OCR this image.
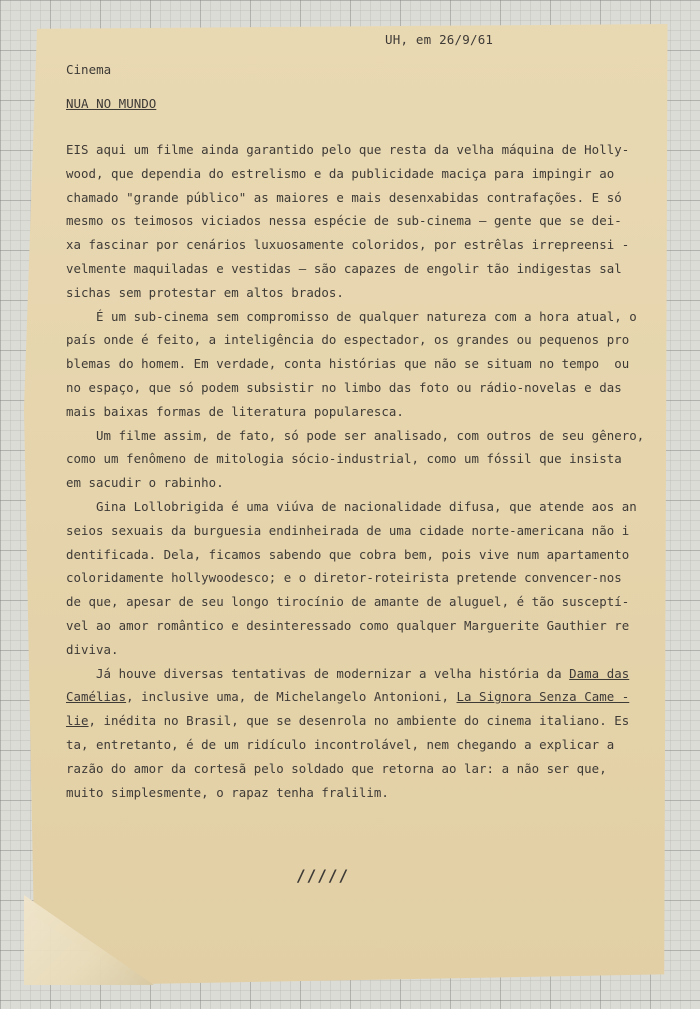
UH, em 26/9/61
Cinema
NUA NO MUNDO
EIS aqui um filme ainda garantido pelo que resta da velha máquina de Holly-
wood, que dependia do estrelismo e da publicidade maciça para impingir ao
chamado "grande público" as maiores e mais desenxabidas contrafações. E só
mesmo os teimosos viciados nessa espécie de sub-cinema — gente que se dei-
xa fascinar por cenários luxuosamente coloridos, por estrêlas irrepreensi -
velmente maquiladas e vestidas — são capazes de engolir tão indigestas sal
sichas sem protestar em altos brados.
É um sub-cinema sem compromisso de qualquer natureza com a hora atual, o
país onde é feito, a inteligência do espectador, os grandes ou pequenos pro
blemas do homem. Em verdade, conta histórias que não se situam no tempo  ou
no espaço, que só podem subsistir no limbo das foto ou rádio-novelas e das
mais baixas formas de literatura popularesca.
Um filme assim, de fato, só pode ser analisado, com outros de seu gênero,
como um fenômeno de mitologia sócio-industrial, como um fóssil que insista
em sacudir o rabinho.
Gina Lollobrigida é uma viúva de nacionalidade difusa, que atende aos an
seios sexuais da burguesia endinheirada de uma cidade norte-americana não i
dentificada. Dela, ficamos sabendo que cobra bem, pois vive num apartamento
coloridamente hollywoodesco; e o diretor-roteirista pretende convencer-nos
de que, apesar de seu longo tirocínio de amante de aluguel, é tão susceptí-
vel ao amor romântico e desinteressado como qualquer Marguerite Gauthier re
diviva.
Já houve diversas tentativas de modernizar a velha história da Dama das
Camélias, inclusive uma, de Michelangelo Antonioni, La Signora Senza Came -
lie, inédita no Brasil, que se desenrola no ambiente do cinema italiano. Es
ta, entretanto, é de um ridículo incontrolável, nem chegando a explicar a
razão do amor da cortesã pelo soldado que retorna ao lar: a não ser que,
muito simplesmente, o rapaz tenha fralilim.
/////
